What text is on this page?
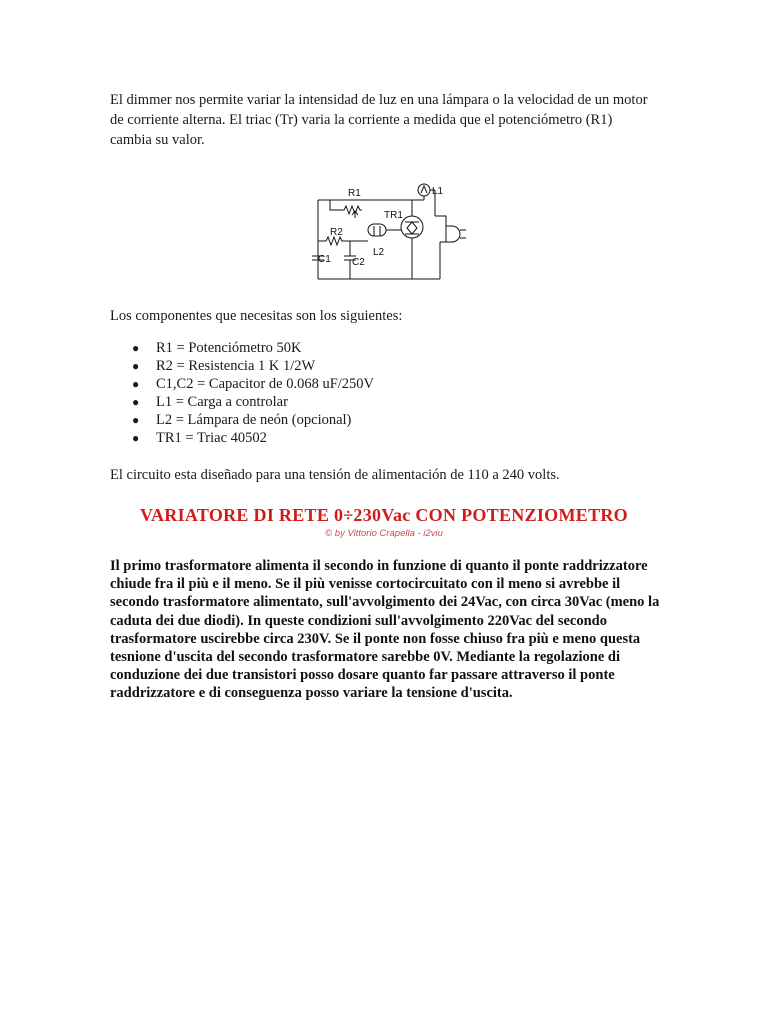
El dimmer nos permite variar la intensidad de luz en una lámpara o la velocidad de un motor de corriente alterna. El triac (Tr) varia la corriente a medida que el potenciómetro (R1) cambia su valor.

R1
TR1
R2
L2
C1 C2
L1

Los componentes que necesitas son los siguientes:

● R1 = Potenciómetro 50K
● R2 = Resistencia 1 K 1/2W
● C1,C2 = Capacitor de 0.068 uF/250V
● L1 = Carga a controlar
● L2 = Lámpara de neón (opcional)
● TR1 = Triac 40502

El circuito esta diseñado para una tensión de alimentación de 110 a 240 volts.

VARIATORE DI RETE 0÷230Vac CON POTENZIOMETRO

© by Vittorio Crapella - i2viu

Il primo trasformatore alimenta il secondo in funzione di quanto il ponte raddrizzatore chiude fra il più e il meno. Se il più venisse cortocircuitato con il meno si avrebbe il secondo trasformatore alimentato, sull'avvolgimento dei 24Vac, con circa 30Vac (meno la caduta dei due diodi). In queste condizioni sull'avvolgimento 220Vac del secondo trasformatore uscirebbe circa 230V. Se il ponte non fosse chiuso fra più e meno questa tesnione d'uscita del secondo trasformatore sarebbe 0V. Mediante la regolazione di conduzione dei due transistori posso dosare quanto far passare attraverso il ponte raddrizzatore e di conseguenza posso variare la tensione d'uscita.
